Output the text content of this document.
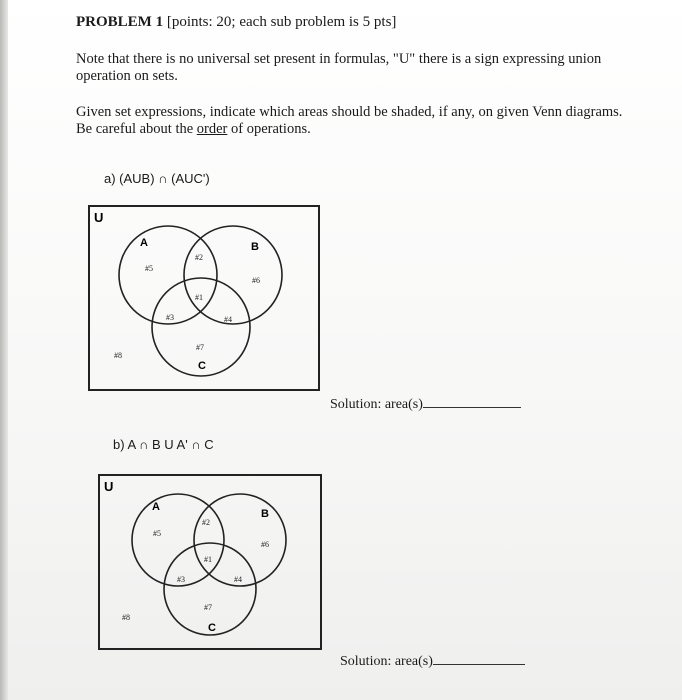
PROBLEM 1 [points: 20; each sub problem is 5 pts]
Note that there is no universal set present in formulas, "U" there is a sign expressing union operation on sets.
Given set expressions, indicate which areas should be shaded, if any, on given Venn diagrams. Be careful about the order of operations.
a) (AUB) ∩ (AUC')
U
A	B
C
#1
#2
#3	#4
#5
#6
#7
#8
Solution: area(s)
b) A ∩ B U A' ∩ C
U
A
B
C
#1
#2
#3	#4
#5
#6
#7
#8
Solution: area(s)
